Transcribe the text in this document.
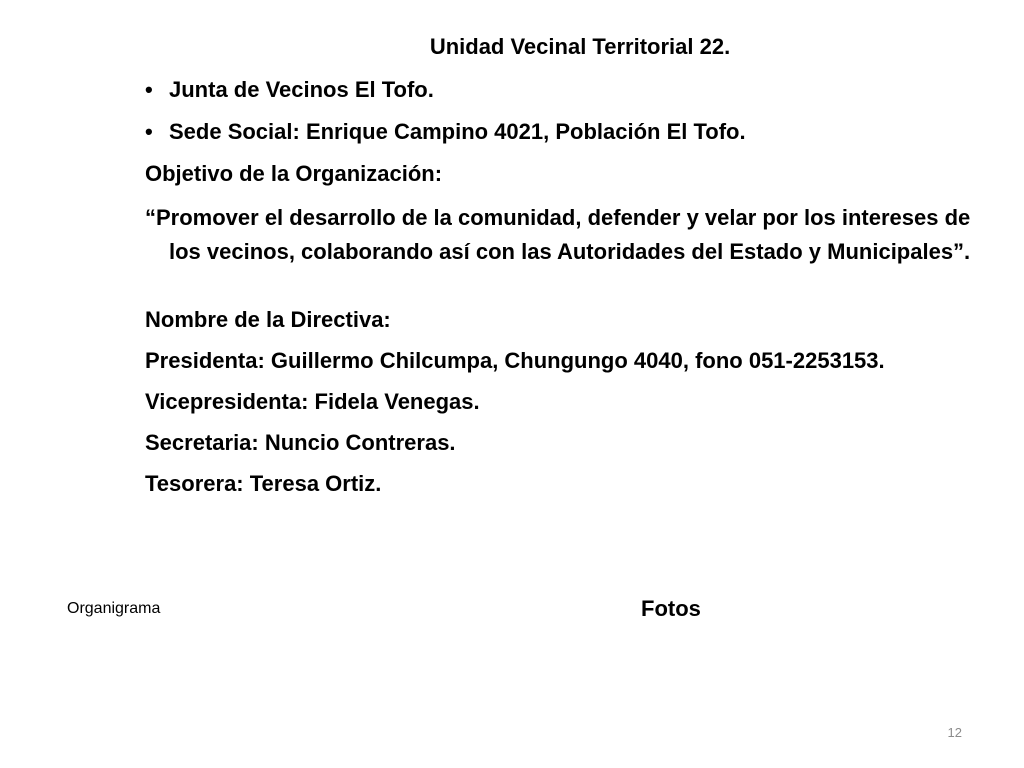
Unidad Vecinal Territorial 22.
• Junta de Vecinos El Tofo.
• Sede Social: Enrique Campino 4021, Población El Tofo.
Objetivo de la Organización:
“Promover el desarrollo de la comunidad, defender y velar por los intereses de los vecinos, colaborando así con las Autoridades del Estado y Municipales”.
Nombre de la Directiva:
Presidenta: Guillermo Chilcumpa, Chungungo 4040, fono 051-2253153.
Vicepresidenta: Fidela Venegas.
Secretaria: Nuncio Contreras.
Tesorera: Teresa Ortiz.
Organigrama	Fotos
12
